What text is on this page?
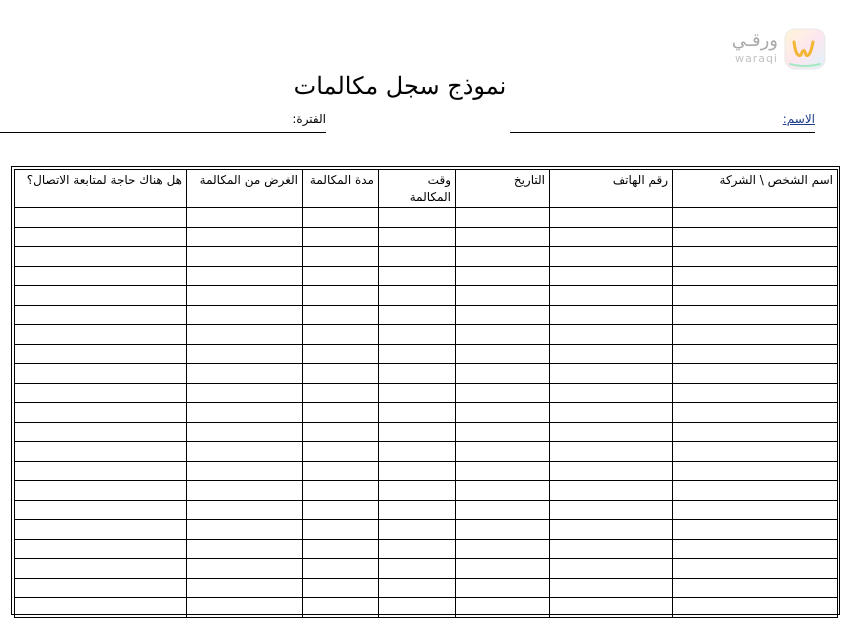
ورقـي
waraqi
نموذج سجل مكالمات
الاسم:
الفترة:
اسم الشخص \ الشركة	رقم الهاتف	التاريخ	وقت المكالمة	مدة المكالمة	الغرض من المكالمة	هل هناك حاجة لمتابعة الاتصال؟
